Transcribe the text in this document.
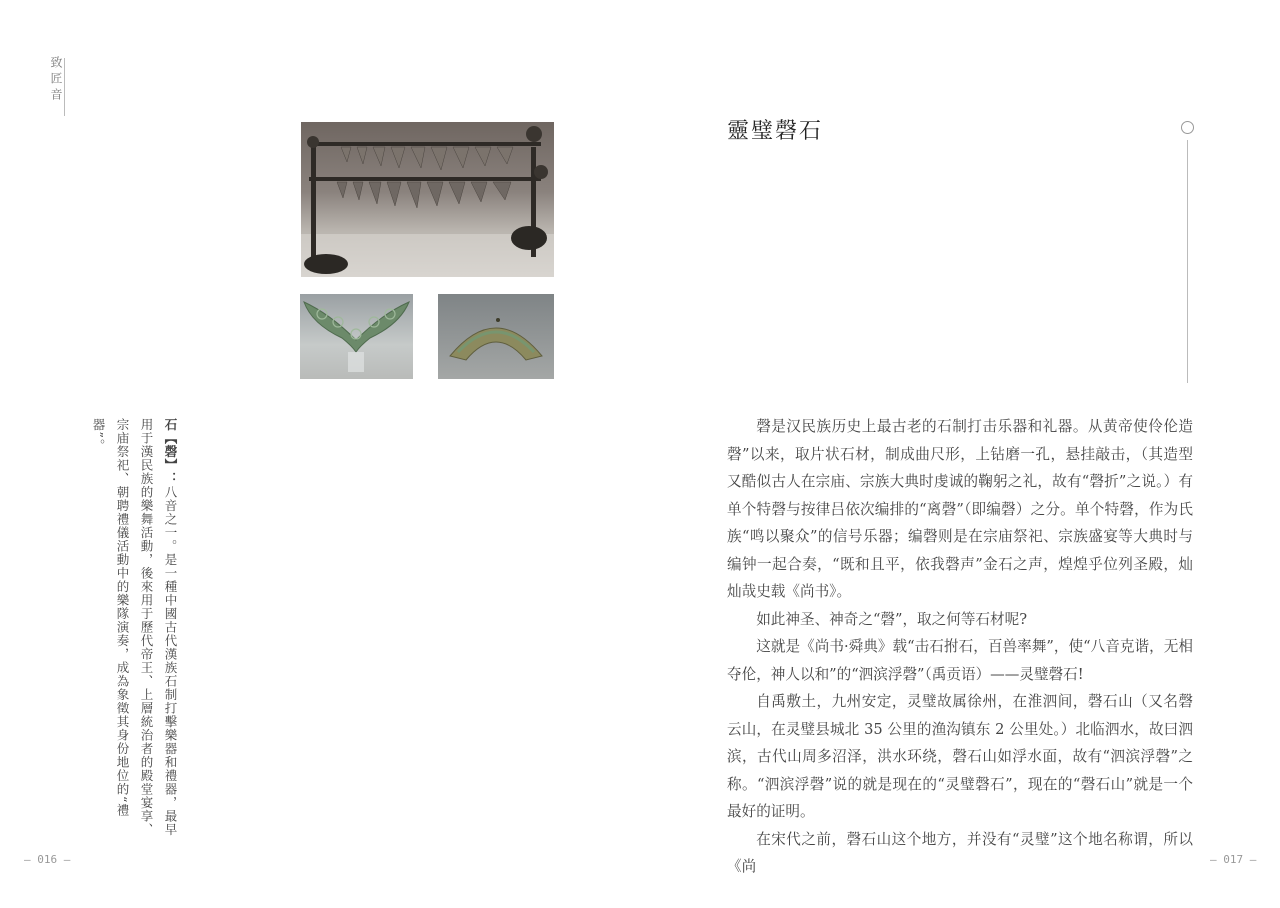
致匠音
石【磬】：八音之一。是一種中國古代漢族石制打擊樂器和禮器，最早用于漢民族的樂舞活動，後來用于歷代帝王、上層統治者的殿堂宴享、宗庙祭祀、朝聘禮儀活動中的樂隊演奏，成為象徵其身份地位的“禮器”。
靈璧磬石

磬是汉民族历史上最古老的石制打击乐器和礼器。从黄帝使伶伦造磬”以来，取片状石材，制成曲尺形，上钻磨一孔，悬挂敲击，（其造型又酷似古人在宗庙、宗族大典时虔诚的鞠躬之礼，故有“磬折”之说。）有单个特磬与按律吕依次编排的“离磬”（即编磬）之分。单个特磬，作为氏族“鸣以聚众”的信号乐器；编磬则是在宗庙祭祀、宗族盛宴等大典时与编钟一起合奏，“既和且平，依我磬声”金石之声，煌煌乎位列圣殿，灿灿哉史载《尚书》。

如此神圣、神奇之“磬”，取之何等石材呢?

这就是《尚书·舜典》载“击石拊石，百兽率舞”，使“八音克谐，无相夺伦，神人以和”的“泗滨浮磬”（禹贡语）——灵璧磬石!

自禹敷土，九州安定，灵璧故属徐州，在淮泗间，磬石山（又名磬云山，在灵璧县城北 35 公里的渔沟镇东 2 公里处。）北临泗水，故曰泗滨，古代山周多沼泽，洪水环绕，磬石山如浮水面，故有“泗滨浮磬”之称。“泗滨浮磬”说的就是现在的“灵璧磬石”，现在的“磬石山”就是一个最好的证明。

在宋代之前，磬石山这个地方，并没有“灵璧”这个地名称谓，所以《尚

— 016 —	— 017 —
